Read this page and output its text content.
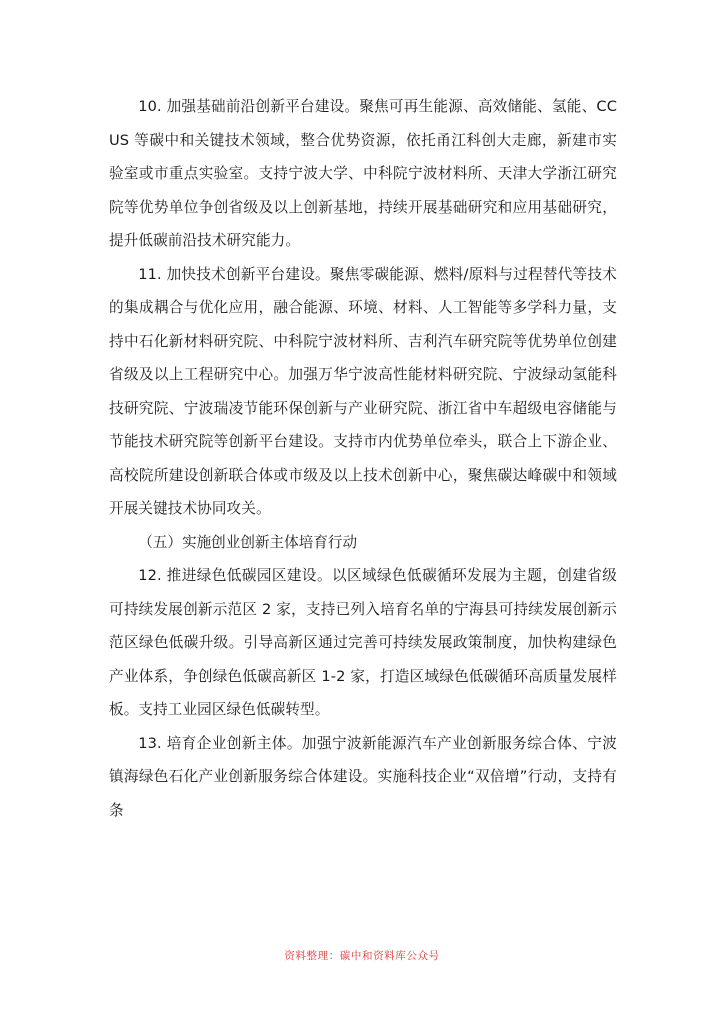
10. 加强基础前沿创新平台建设。聚焦可再生能源、高效储能、氢能、CCUS 等碳中和关键技术领域，整合优势资源，依托甬江科创大走廊，新建市实验室或市重点实验室。支持宁波大学、中科院宁波材料所、天津大学浙江研究院等优势单位争创省级及以上创新基地，持续开展基础研究和应用基础研究，提升低碳前沿技术研究能力。

11. 加快技术创新平台建设。聚焦零碳能源、燃料/原料与过程替代等技术的集成耦合与优化应用，融合能源、环境、材料、人工智能等多学科力量，支持中石化新材料研究院、中科院宁波材料所、吉利汽车研究院等优势单位创建省级及以上工程研究中心。加强万华宁波高性能材料研究院、宁波绿动氢能科技研究院、宁波瑞凌节能环保创新与产业研究院、浙江省中车超级电容储能与节能技术研究院等创新平台建设。支持市内优势单位牵头，联合上下游企业、高校院所建设创新联合体或市级及以上技术创新中心，聚焦碳达峰碳中和领域开展关键技术协同攻关。

（五）实施创业创新主体培育行动

12. 推进绿色低碳园区建设。以区域绿色低碳循环发展为主题，创建省级可持续发展创新示范区 2 家，支持已列入培育名单的宁海县可持续发展创新示范区绿色低碳升级。引导高新区通过完善可持续发展政策制度，加快构建绿色产业体系，争创绿色低碳高新区 1-2 家，打造区域绿色低碳循环高质量发展样板。支持工业园区绿色低碳转型。

13. 培育企业创新主体。加强宁波新能源汽车产业创新服务综合体、宁波镇海绿色石化产业创新服务综合体建设。实施科技企业“双倍增”行动，支持有条

资料整理：碳中和资料库公众号
